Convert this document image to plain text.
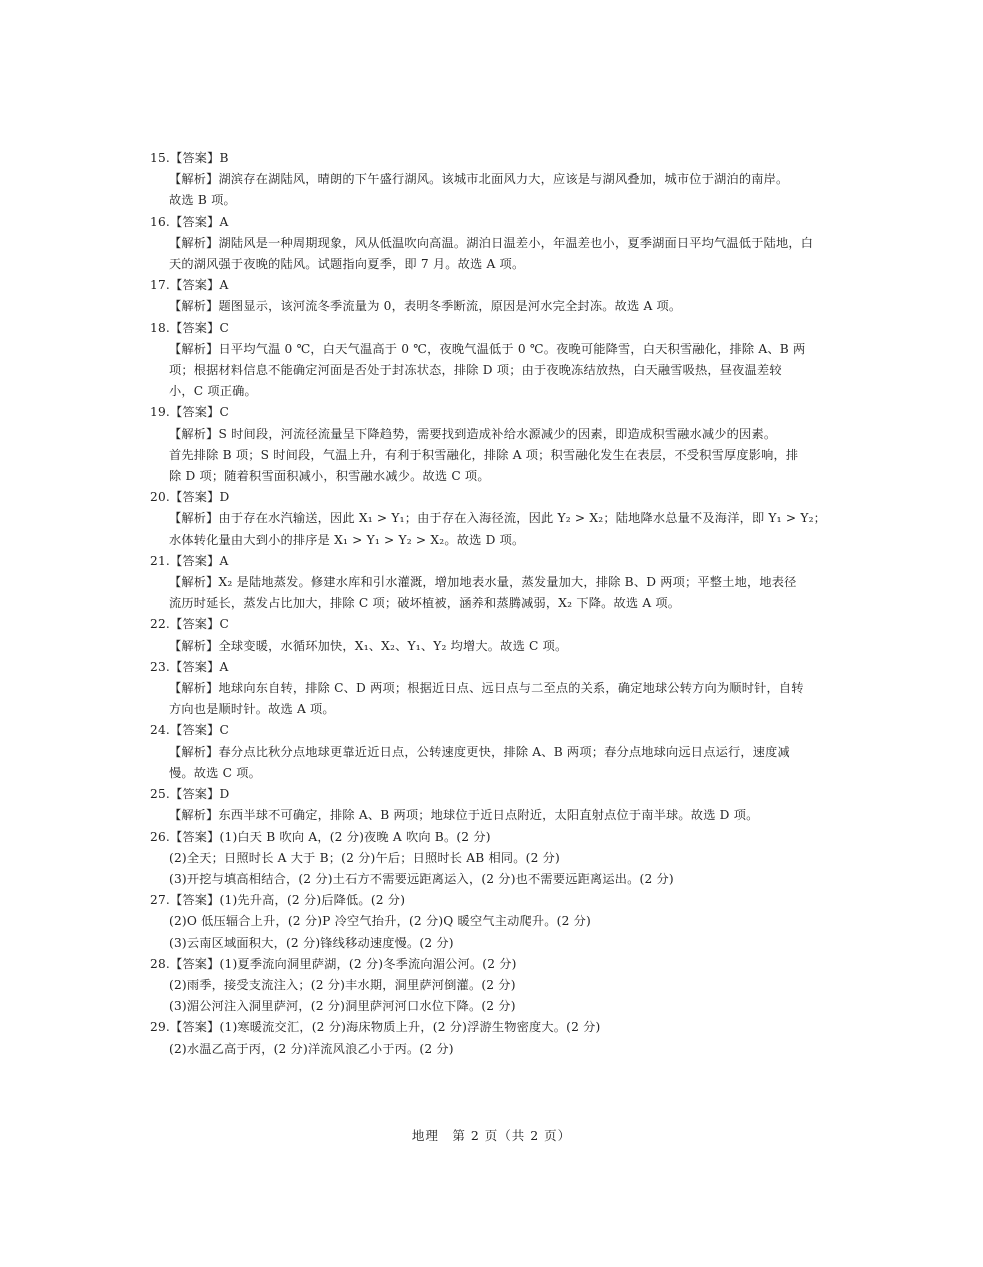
15.【答案】B
【解析】湖滨存在湖陆风，晴朗的下午盛行湖风。该城市北面风力大，应该是与湖风叠加，城市位于湖泊的南岸。
故选 B 项。
16.【答案】A
【解析】湖陆风是一种周期现象，风从低温吹向高温。湖泊日温差小，年温差也小，夏季湖面日平均气温低于陆地，白
天的湖风强于夜晚的陆风。试题指向夏季，即 7 月。故选 A 项。
17.【答案】A
【解析】题图显示，该河流冬季流量为 0，表明冬季断流，原因是河水完全封冻。故选 A 项。
18.【答案】C
【解析】日平均气温 0 ℃，白天气温高于 0 ℃，夜晚气温低于 0 ℃。夜晚可能降雪，白天积雪融化，排除 A、B 两
项；根据材料信息不能确定河面是否处于封冻状态，排除 D 项；由于夜晚冻结放热，白天融雪吸热，昼夜温差较
小，C 项正确。
19.【答案】C
【解析】S 时间段，河流径流量呈下降趋势，需要找到造成补给水源减少的因素，即造成积雪融水减少的因素。
首先排除 B 项；S 时间段，气温上升，有利于积雪融化，排除 A 项；积雪融化发生在表层，不受积雪厚度影响，排
除 D 项；随着积雪面积减小，积雪融水减少。故选 C 项。
20.【答案】D
【解析】由于存在水汽输送，因此 X₁ > Y₁；由于存在入海径流，因此 Y₂ > X₂；陆地降水总量不及海洋，即 Y₁ > Y₂；
水体转化量由大到小的排序是 X₁ > Y₁ > Y₂ > X₂。故选 D 项。
21.【答案】A
【解析】X₂ 是陆地蒸发。修建水库和引水灌溉，增加地表水量，蒸发量加大，排除 B、D 两项；平整土地，地表径
流历时延长，蒸发占比加大，排除 C 项；破坏植被，涵养和蒸腾减弱，X₂ 下降。故选 A 项。
22.【答案】C
【解析】全球变暖，水循环加快，X₁、X₂、Y₁、Y₂ 均增大。故选 C 项。
23.【答案】A
【解析】地球向东自转，排除 C、D 两项；根据近日点、远日点与二至点的关系，确定地球公转方向为顺时针，自转
方向也是顺时针。故选 A 项。
24.【答案】C
【解析】春分点比秋分点地球更靠近近日点，公转速度更快，排除 A、B 两项；春分点地球向远日点运行，速度减
慢。故选 C 项。
25.【答案】D
【解析】东西半球不可确定，排除 A、B 两项；地球位于近日点附近，太阳直射点位于南半球。故选 D 项。
26.【答案】(1)白天 B 吹向 A，(2 分)夜晚 A 吹向 B。(2 分)
(2)全天；日照时长 A 大于 B；(2 分)午后；日照时长 AB 相同。(2 分)
(3)开挖与填高相结合，(2 分)土石方不需要远距离运入，(2 分)也不需要远距离运出。(2 分)
27.【答案】(1)先升高，(2 分)后降低。(2 分)
(2)O 低压辐合上升，(2 分)P 冷空气抬升，(2 分)Q 暖空气主动爬升。(2 分)
(3)云南区域面积大，(2 分)锋线移动速度慢。(2 分)
28.【答案】(1)夏季流向洞里萨湖，(2 分)冬季流向湄公河。(2 分)
(2)雨季，接受支流注入；(2 分)丰水期，洞里萨河倒灌。(2 分)
(3)湄公河注入洞里萨河，(2 分)洞里萨河河口水位下降。(2 分)
29.【答案】(1)寒暖流交汇，(2 分)海床物质上升，(2 分)浮游生物密度大。(2 分)
(2)水温乙高于丙，(2 分)洋流风浪乙小于丙。(2 分)
地理　第 2 页（共 2 页）
